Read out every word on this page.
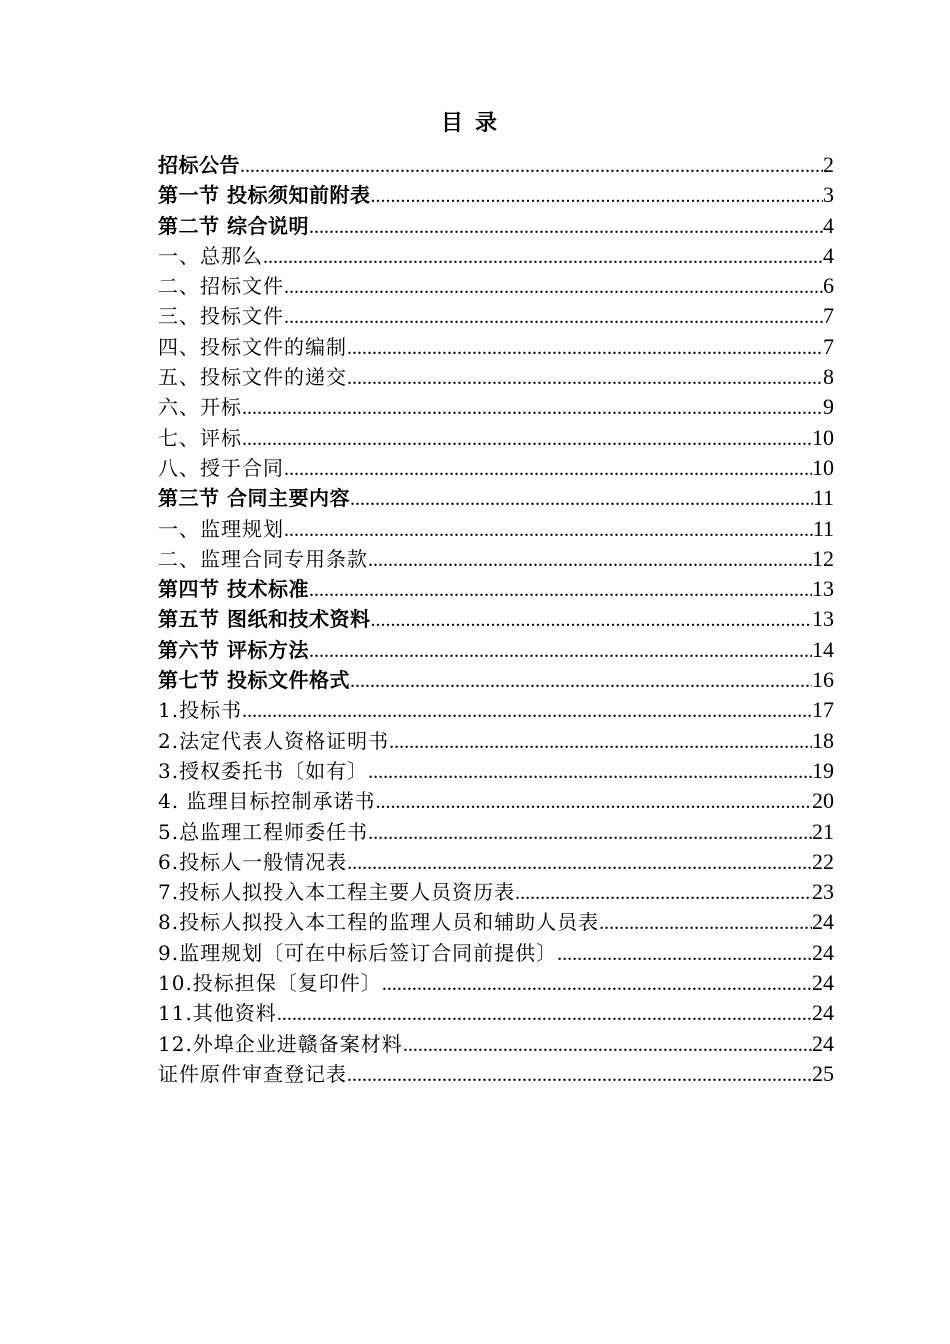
目录
招标公告 .....	2
第一节 投标须知前附表 .....	3
第二节 综合说明 .....	4
一、总那么 .....	4
二、招标文件 .....	6
三、投标文件 .....	7
四、投标文件的编制 .....	7
五、投标文件的递交 .....	8
六、开标 .....	9
七、评标 .....	10
八、授于合同 .....	10
第三节 合同主要内容 .....	11
一、监理规划 .....	11
二、监理合同专用条款 .....	12
第四节 技术标准 .....	13
第五节 图纸和技术资料 .....	13
第六节 评标方法 .....	14
第七节 投标文件格式 .....	16
1.投标书 .....	17
2.法定代表人资格证明书 .....	18
3.授权委托书〔如有〕 .....	19
4. 监理目标控制承诺书 .....	20
5.总监理工程师委任书 .....	21
6.投标人一般情况表 .....	22
7.投标人拟投入本工程主要人员资历表 .....	23
8.投标人拟投入本工程的监理人员和辅助人员表 .....	24
9.监理规划〔可在中标后签订合同前提供〕 .....	24
10.投标担保〔复印件〕 .....	24
11.其他资料 .....	24
12.外埠企业进赣备案材料 .....	24
证件原件审查登记表 .....	25
